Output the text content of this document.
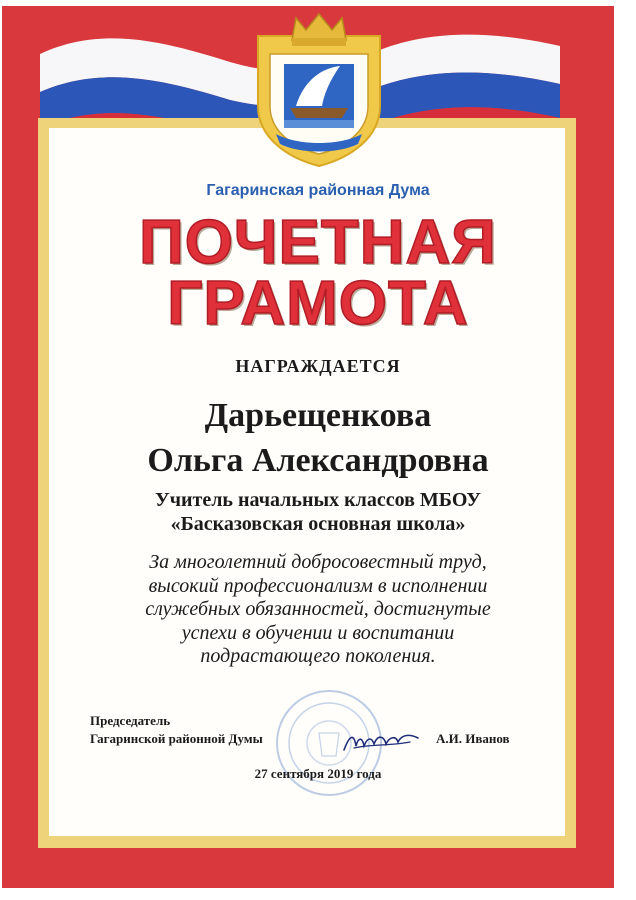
Гагаринская районная Дума
ПОЧЕТНАЯ
ГРАМОТА
НАГРАЖДАЕТСЯ
Дарьещенкова
Ольга Александровна
Учитель начальных классов МБОУ
«Басказовская основная школа»
За многолетний добросовестный труд,
высокий профессионализм в исполнении
служебных обязанностей, достигнутые
успехи в обучении и воспитании
подрастающего поколения.
Председатель
Гагаринской районной Думы	А.И. Иванов
27 сентября 2019 года
